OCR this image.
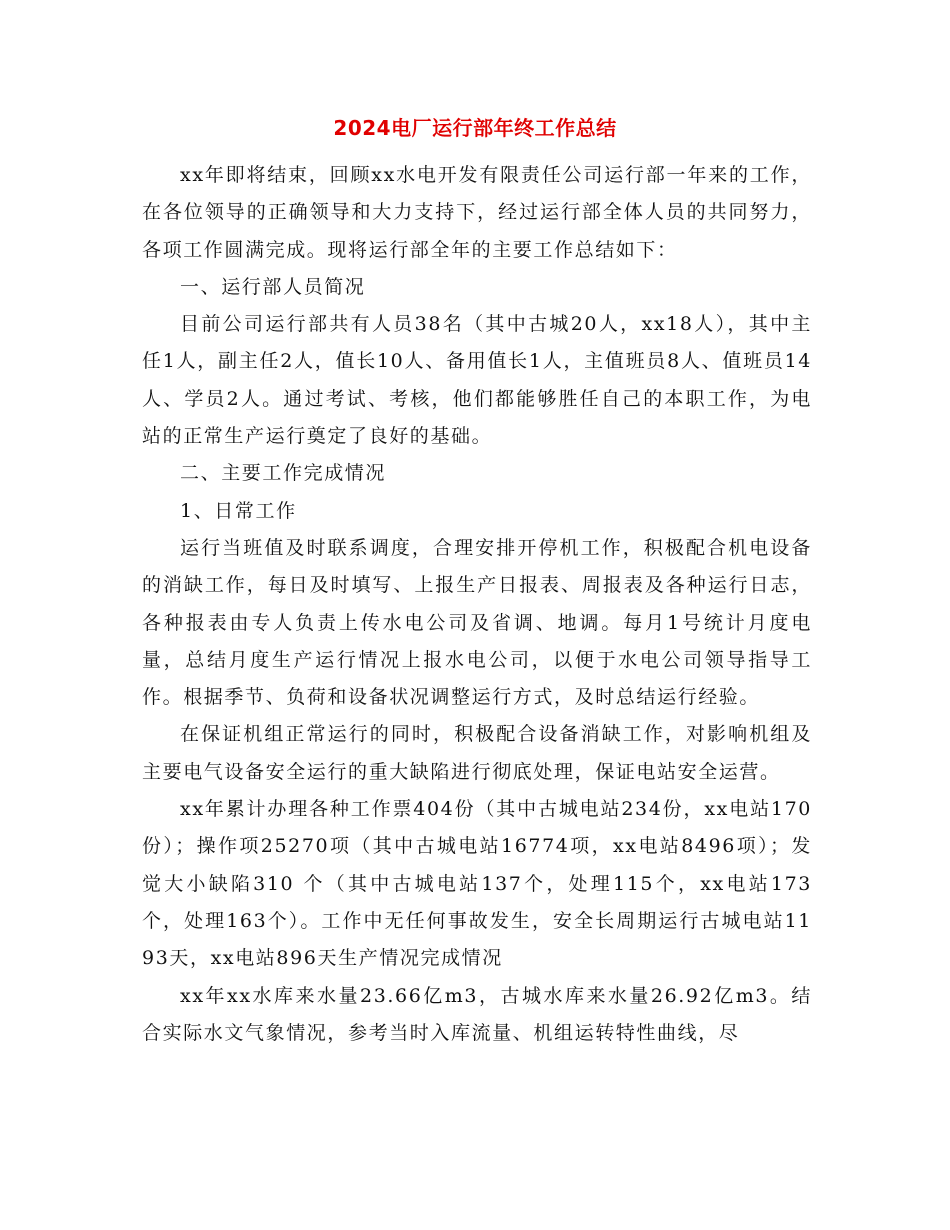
2024电厂运行部年终工作总结

xx年即将结束，回顾xx水电开发有限责任公司运行部一年来的工作，在各位领导的正确领导和大力支持下，经过运行部全体人员的共同努力，各项工作圆满完成。现将运行部全年的主要工作总结如下：

一、运行部人员简况

目前公司运行部共有人员38名（其中古城20人，xx18人），其中主任1人，副主任2人，值长10人、备用值长1人，主值班员8人、值班员14人、学员2人。通过考试、考核，他们都能够胜任自己的本职工作，为电站的正常生产运行奠定了良好的基础。

二、主要工作完成情况

1、日常工作

运行当班值及时联系调度，合理安排开停机工作，积极配合机电设备的消缺工作，每日及时填写、上报生产日报表、周报表及各种运行日志，各种报表由专人负责上传水电公司及省调、地调。每月1号统计月度电量，总结月度生产运行情况上报水电公司，以便于水电公司领导指导工作。根据季节、负荷和设备状况调整运行方式，及时总结运行经验。

在保证机组正常运行的同时，积极配合设备消缺工作，对影响机组及主要电气设备安全运行的重大缺陷进行彻底处理，保证电站安全运营。

xx年累计办理各种工作票404份（其中古城电站234份，xx电站170份）；操作项25270项（其中古城电站16774项，xx电站8496项）；发觉大小缺陷310 个（其中古城电站137个，处理115个，xx电站173个，处理163个）。工作中无任何事故发生，安全长周期运行古城电站1193天，xx电站896天生产情况完成情况

xx年xx水库来水量23.66亿m3，古城水库来水量26.92亿m3。结合实际水文气象情况，参考当时入库流量、机组运转特性曲线，尽
